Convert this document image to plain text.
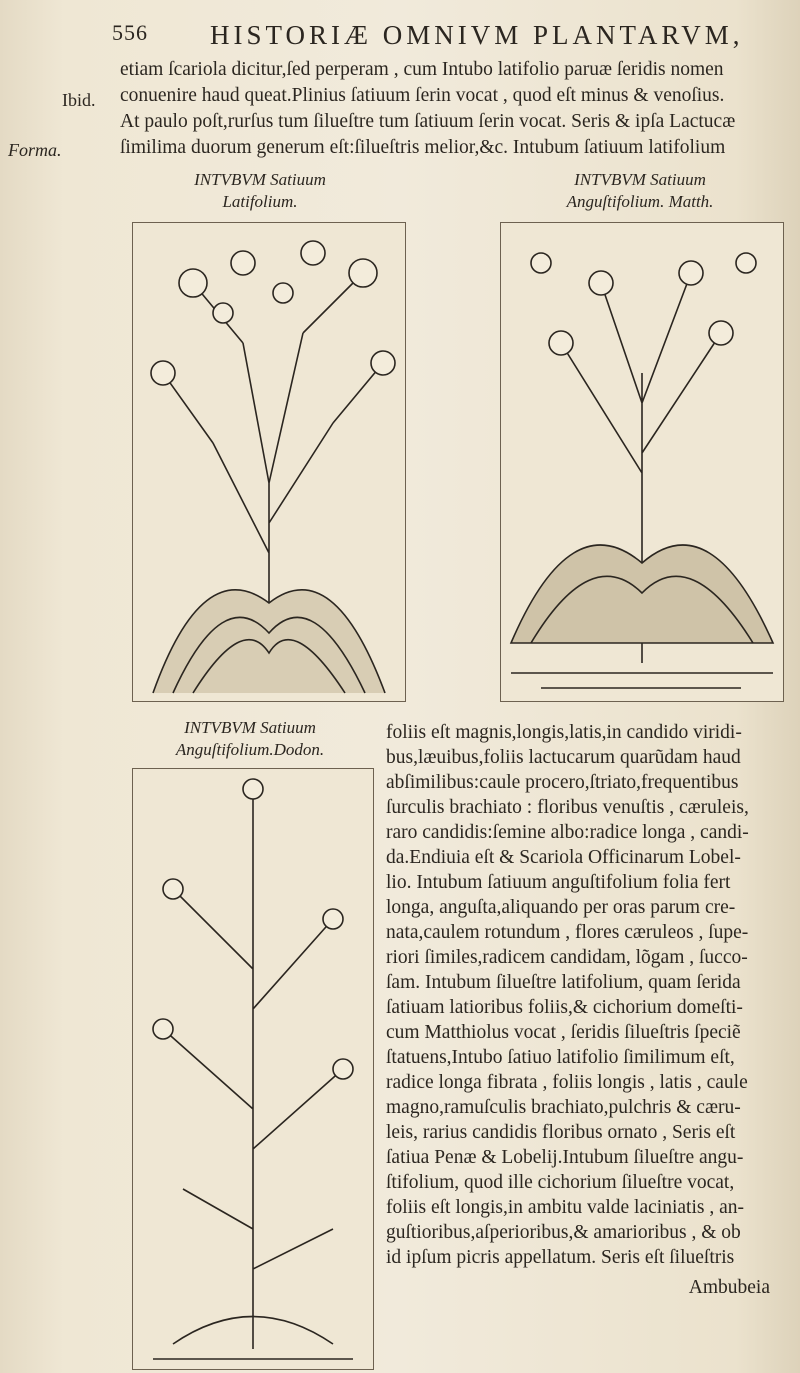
556 HISTORIÆ OMNIVM PLANTARVM,
Ibid.
Forma.
etiam ſcariola dicitur,ſed perperam , cum Intubo latifolio paruæ ſeridis nomen
conuenire haud queat.Plinius ſatiuum ſerin vocat , quod eſt minus & venoſius.
At paulo poſt,rurſus tum ſilueſtre tum ſatiuum ſerin vocat. Seris & ipſa Lactucæ
ſimilima duorum generum eſt:ſilueſtris melior,&c. Intubum ſatiuum latifolium
INTVBVM Satiuum
Latifolium.
INTVBVM Satiuum
Anguſtifolium. Matth.
INTVBVM Satiuum
Anguſtifolium.Dodon.
foliis eſt magnis,longis,latis,in candido viridi-
bus,læuibus,foliis lactucarum quarũdam haud
abſimilibus:caule procero,ſtriato,frequentibus
ſurculis brachiato : floribus venuſtis , cæruleis,
raro candidis:ſemine albo:radice longa , candi-
da.Endiuia eſt & Scariola Officinarum Lobel-
lio. Intubum ſatiuum anguſtifolium folia fert
longa, anguſta,aliquando per oras parum cre-
nata,caulem rotundum , flores cæruleos , ſupe-
riori ſimiles,radicem candidam, lõgam , ſucco-
ſam. Intubum ſilueſtre latifolium, quam ſerida
ſatiuam latioribus foliis,& cichorium domeſti-
cum Matthiolus vocat , ſeridis ſilueſtris ſpeciẽ
ſtatuens,Intubo ſatiuo latifolio ſimilimum eſt,
radice longa fibrata , foliis longis , latis , caule
magno,ramuſculis brachiato,pulchris & cæru-
leis, rarius candidis floribus ornato , Seris eſt
ſatiua Penæ & Lobelij.Intubum ſilueſtre angu-
ſtifolium, quod ille cichorium ſilueſtre vocat,
foliis eſt longis,in ambitu valde laciniatis , an-
guſtioribus,aſperioribus,& amarioribus , & ob
id ipſum picris appellatum. Seris eſt ſilueſtris
Ambubeia
